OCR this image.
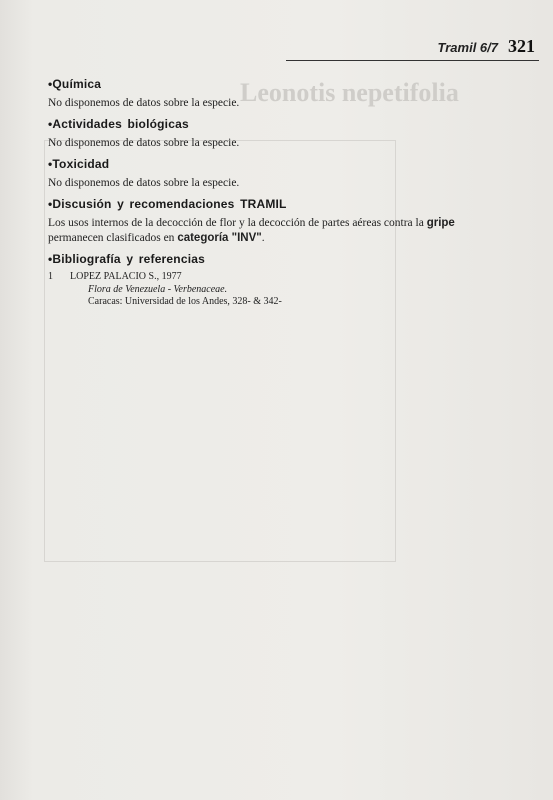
Leonotis nepetifolia
Tramil 6/7 321
•Química

No disponemos de datos sobre la especie.

•Actividades biológicas

No disponemos de datos sobre la especie.

•Toxicidad

No disponemos de datos sobre la especie.

•Discusión y recomendaciones TRAMIL

Los usos internos de la decocción de flor y la decocción de partes aéreas contra la gripe
permanecen clasificados en categoría "INV".

•Bibliografía y referencias
1	LOPEZ PALACIO S., 1977
Flora de Venezuela - Verbenaceae.
Caracas: Universidad de los Andes, 328- & 342-
